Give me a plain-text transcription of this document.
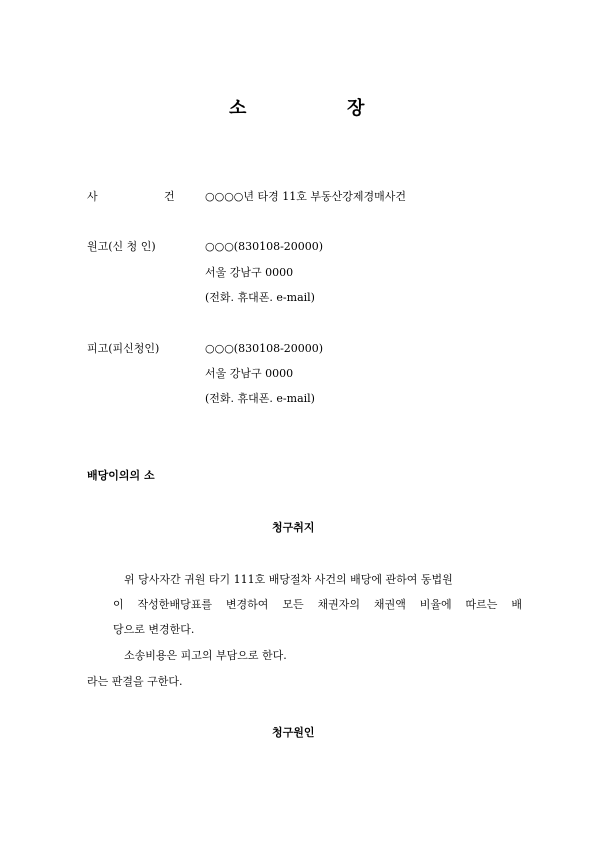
소	장
사	건	○○○○년 타경 11호 부동산강제경매사건
원고(신 청 인)	○○○(830108-20000)
서울 강남구 0000
(전화. 휴대폰. e-mail)
피고(피신청인)	○○○(830108-20000)
서울 강남구 0000
(전화. 휴대폰. e-mail)
배당이의의 소
청구취지
위 당사자간 귀원 타기 111호 배당절차 사건의 배당에 관하여 동법원
이 작성한배당표를 변경하여 모든 채권자의 채권액 비율에 따르는 배
당으로 변경한다.
소송비용은 피고의 부담으로 한다.
라는 판결을 구한다.
청구원인
